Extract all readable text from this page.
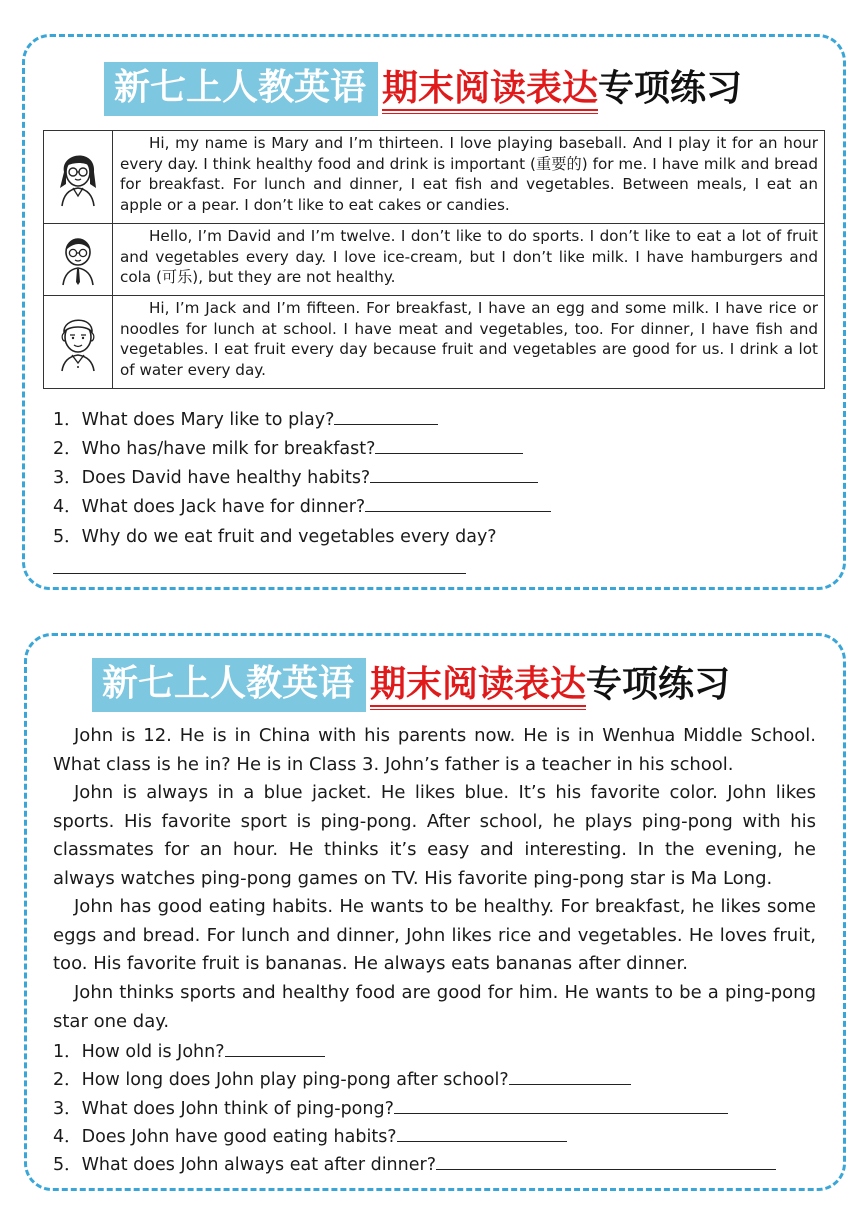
新七上人教英语 期末阅读表达 专项练习
	Hi, my name is Mary and I’m thirteen. I love playing baseball. And I play it for an hour every day. I think healthy food and drink is important (重要的) for me. I have milk and bread for breakfast. For lunch and dinner, I eat fish and vegetables. Between meals, I eat an apple or a pear. I don’t like to eat cakes or candies.
	Hello, I’m David and I’m twelve. I don’t like to do sports. I don’t like to eat a lot of fruit and vegetables every day. I love ice-cream, but I don’t like milk. I have hamburgers and cola (可乐), but they are not healthy.
	Hi, I’m Jack and I’m fifteen. For breakfast, I have an egg and some milk. I have rice or noodles for lunch at school. I have meat and vegetables, too. For dinner, I have fish and vegetables. I eat fruit every day because fruit and vegetables are good for us. I drink a lot of water every day.
1．What does Mary like to play?
2．Who has/have milk for breakfast?
3．Does David have healthy habits?
4．What does Jack have for dinner?
5．Why do we eat fruit and vegetables every day?
新七上人教英语 期末阅读表达 专项练习
John is 12. He is in China with his parents now. He is in Wenhua Middle School. What class is he in? He is in Class 3. John’s father is a teacher in his school.
John is always in a blue jacket. He likes blue. It’s his favorite color. John likes sports. His favorite sport is ping-pong. After school, he plays ping-pong with his classmates for an hour. He thinks it’s easy and interesting. In the evening, he always watches ping-pong games on TV. His favorite ping-pong star is Ma Long.
John has good eating habits. He wants to be healthy. For breakfast, he likes some eggs and bread. For lunch and dinner, John likes rice and vegetables. He loves fruit, too. His favorite fruit is bananas. He always eats bananas after dinner.
John thinks sports and healthy food are good for him. He wants to be a ping-pong star one day.
1．How old is John?
2．How long does John play ping-pong after school?
3．What does John think of ping-pong?
4．Does John have good eating habits?
5．What does John always eat after dinner?
